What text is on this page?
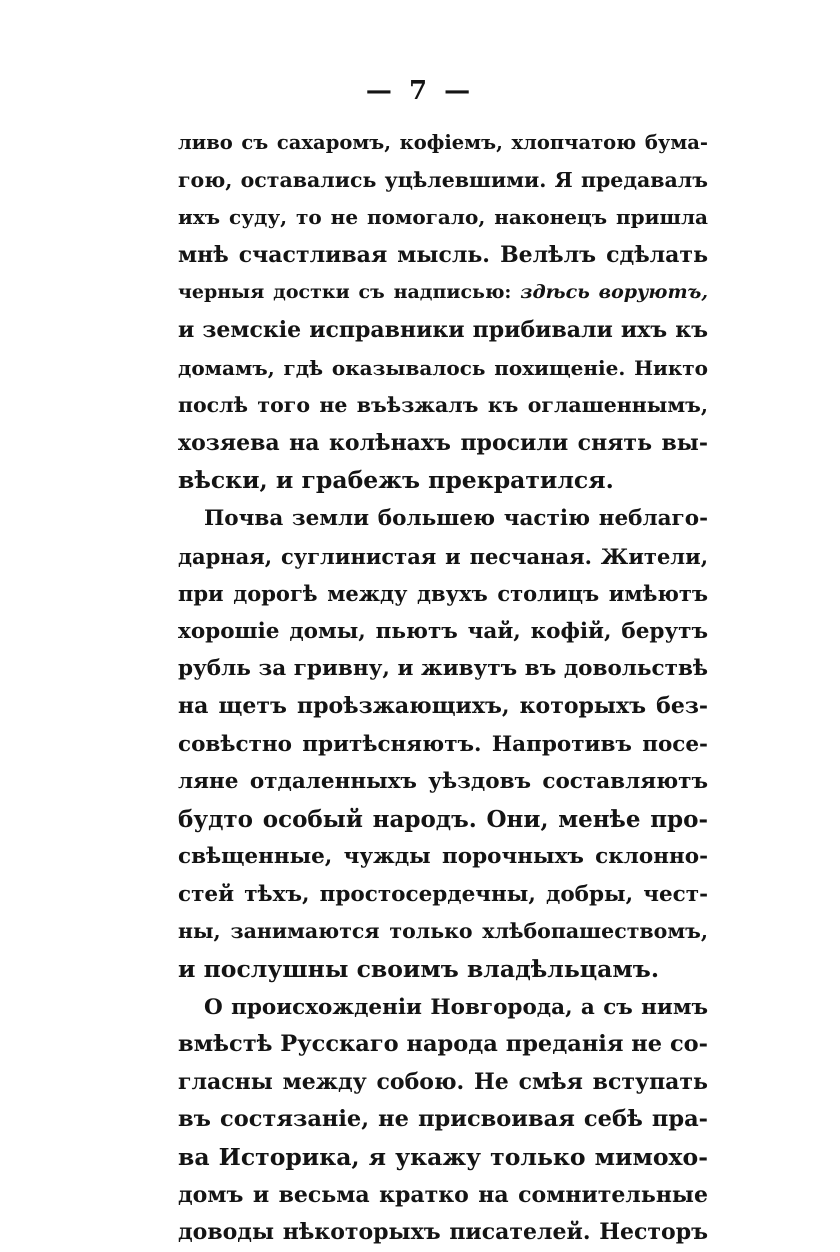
— 7 —
ливо съ сахаромъ, кофiемъ, хлопчатою бума-
гою, оставались уцѣлевшими. Я предавалъ
ихъ суду, то не помогало, наконецъ пришла
мнѣ счастливая мысль. Велѣлъ сдѣлать
черныя достки съ надписью: здѣсь воруютъ,
и земскiе исправники прибивали ихъ къ
домамъ, гдѣ оказывалось похищенiе. Никто
послѣ того не въѣзжалъ къ оглашеннымъ,
хозяева на колѣнахъ просили снять вы-
вѣски, и грабежъ прекратился.
Почва земли большею частiю неблаго-
дарная, суглинистая и песчаная. Жители,
при дорогѣ между двухъ столицъ имѣютъ
хорошiе домы, пьютъ чай, кофiй, берутъ
рубль за гривну, и живутъ въ довольствѣ
на щетъ проѣзжающихъ, которыхъ без-
совѣстно притѣсняютъ. Напротивъ посе-
ляне отдаленныхъ уѣздовъ составляютъ
будто особый народъ. Они, менѣе про-
свѣщенные, чужды порочныхъ склонно-
стей тѣхъ, простосердечны, добры, чест-
ны, занимаются только хлѣбопашествомъ,
и послушны своимъ владѣльцамъ.
О происхожденiи Новгорода, а съ нимъ
вмѣстѣ Русскаго народа преданiя не со-
гласны между собою. Не смѣя вступать
въ состязанiе, не присвоивая себѣ пра-
ва Историка, я укажу только мимохо-
домъ и весьма кратко на сомнительные
доводы нѣкоторыхъ писателей. Несторъ
